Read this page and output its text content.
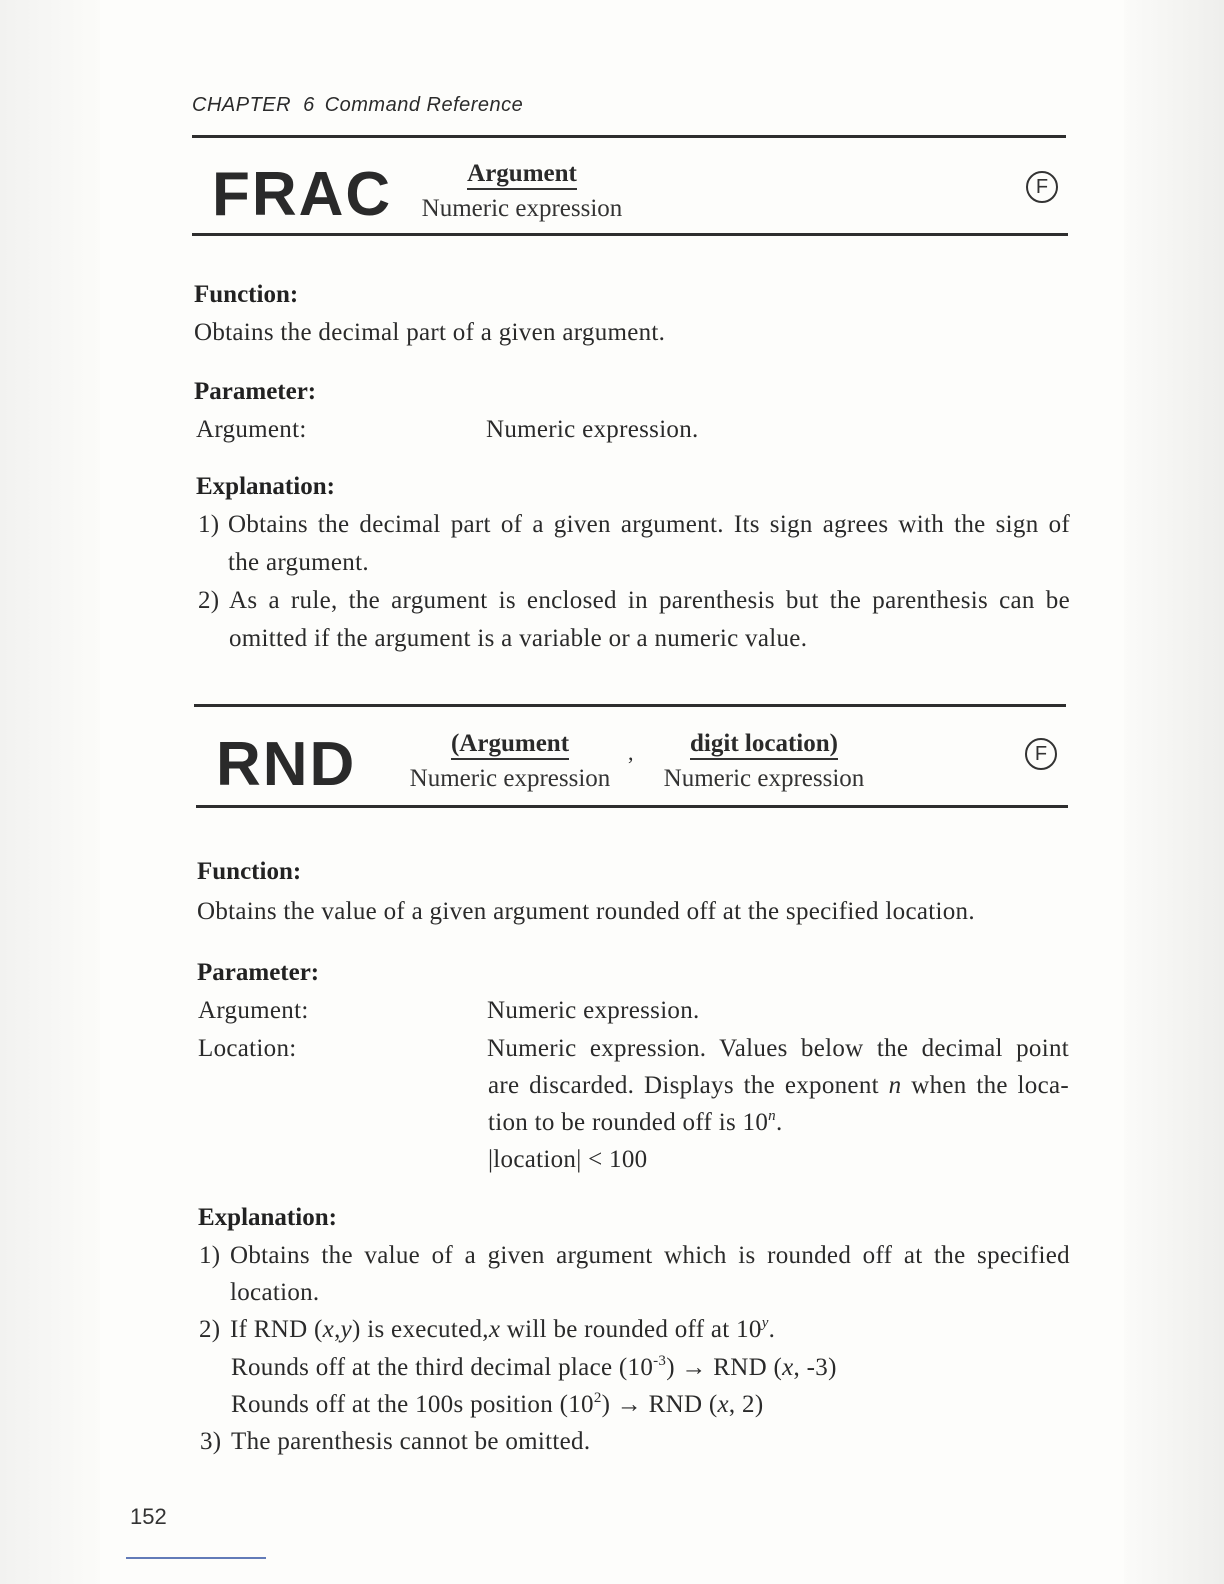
CHAPTER 6 Command Reference
FRAC	Argument
Numeric expression
F
Function:
Obtains the decimal part of a given argument.
Parameter:
Argument:	Numeric expression.
Explanation:
1) Obtains the decimal part of a given argument. Its sign agrees with the sign of
the argument.
2) As a rule, the argument is enclosed in parenthesis but the parenthesis can be
omitted if the argument is a variable or a numeric value.
RND	(Argument
Numeric expression
,	digit location)
Numeric expression
F
Function:
Obtains the value of a given argument rounded off at the specified location.
Parameter:
Argument:	Numeric expression.
Location:	Numeric expression. Values below the decimal point
are discarded. Displays the exponent n when the loca-
tion to be rounded off is 10$^n$.
|location| < 100
Explanation:
1) Obtains the value of a given argument which is rounded off at the specified
location.
2) If RND (x,y) is executed,x will be rounded off at 10$^y$.
Rounds off at the third decimal place $(10^{-3})$ → RND (x, -3)
Rounds off at the 100s position $(10^2)$ → RND (x, 2)
3) The parenthesis cannot be omitted.
152
